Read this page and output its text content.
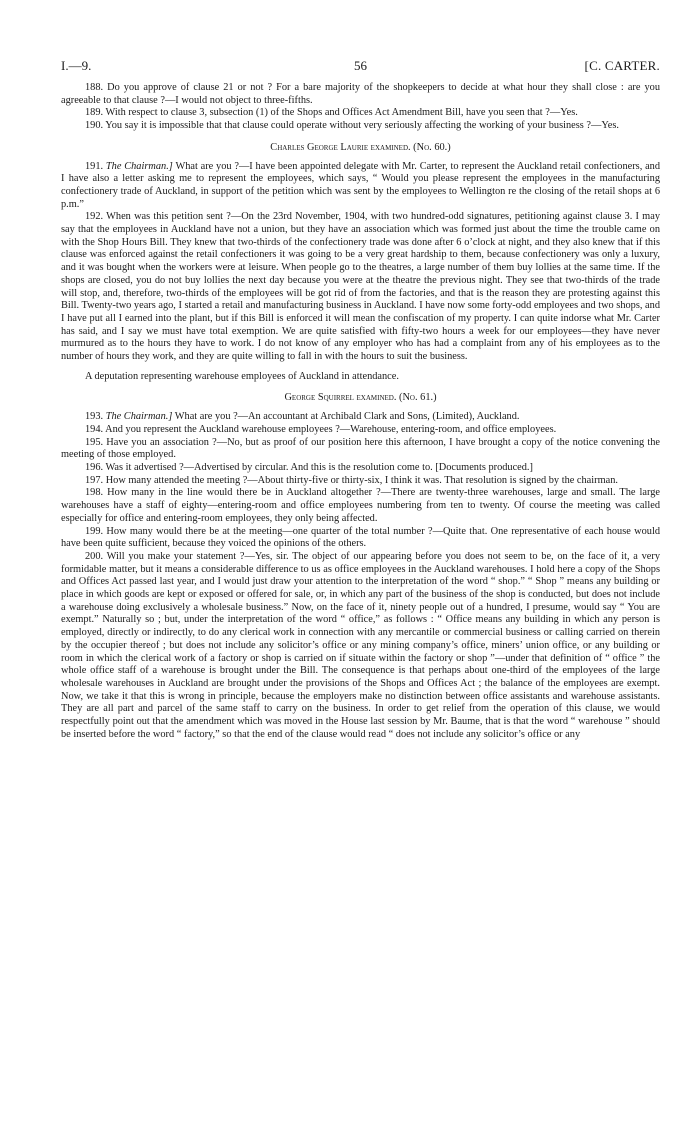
I.—9.	56	[C. CARTER.

188. Do you approve of clause 21 or not ? For a bare majority of the shopkeepers to decide at what hour they shall close : are you agreeable to that clause ?—I would not object to three-fifths.

189. With respect to clause 3, subsection (1) of the Shops and Offices Act Amendment Bill, have you seen that ?—Yes.

190. You say it is impossible that that clause could operate without very seriously affecting the working of your business ?—Yes.

Charles George Laurie examined. (No. 60.)

191. The Chairman.] What are you ?—I have been appointed delegate with Mr. Carter, to represent the Auckland retail confectioners, and I have also a letter asking me to represent the employees, which says, “ Would you please represent the employees in the manufacturing confectionery trade of Auckland, in support of the petition which was sent by the employees to Wellington re the closing of the retail shops at 6 p.m.”

192. When was this petition sent ?—On the 23rd November, 1904, with two hundred-odd signatures, petitioning against clause 3. I may say that the employees in Auckland have not a union, but they have an association which was formed just about the time the trouble came on with the Shop Hours Bill. They knew that two-thirds of the confectionery trade was done after 6 o’clock at night, and they also knew that if this clause was enforced against the retail confectioners it was going to be a very great hardship to them, because confectionery was only a luxury, and it was bought when the workers were at leisure. When people go to the theatres, a large number of them buy lollies at the same time. If the shops are closed, you do not buy lollies the next day because you were at the theatre the previous night. They see that two-thirds of the trade will stop, and, therefore, two-thirds of the employees will be got rid of from the factories, and that is the reason they are protesting against this Bill. Twenty-two years ago, I started a retail and manufacturing business in Auckland. I have now some forty-odd employees and two shops, and I have put all I earned into the plant, but if this Bill is enforced it will mean the confiscation of my property. I can quite indorse what Mr. Carter has said, and I say we must have total exemption. We are quite satisfied with fifty-two hours a week for our employees—they have never murmured as to the hours they have to work. I do not know of any employer who has had a complaint from any of his employees as to the number of hours they work, and they are quite willing to fall in with the hours to suit the business.

A deputation representing warehouse employees of Auckland in attendance.

George Squirrel examined. (No. 61.)

193. The Chairman.] What are you ?—An accountant at Archibald Clark and Sons, (Limited), Auckland.

194. And you represent the Auckland warehouse employees ?—Warehouse, entering-room, and office employees.

195. Have you an association ?—No, but as proof of our position here this afternoon, I have brought a copy of the notice convening the meeting of those employed.

196. Was it advertised ?—Advertised by circular. And this is the resolution come to. [Documents produced.]

197. How many attended the meeting ?—About thirty-five or thirty-six, I think it was. That resolution is signed by the chairman.

198. How many in the line would there be in Auckland altogether ?—There are twenty-three warehouses, large and small. The large warehouses have a staff of eighty—entering-room and office employees numbering from ten to twenty. Of course the meeting was called especially for office and entering-room employees, they only being affected.

199. How many would there be at the meeting—one quarter of the total number ?—Quite that. One representative of each house would have been quite sufficient, because they voiced the opinions of the others.

200. Will you make your statement ?—Yes, sir. The object of our appearing before you does not seem to be, on the face of it, a very formidable matter, but it means a considerable difference to us as office employees in the Auckland warehouses. I hold here a copy of the Shops and Offices Act passed last year, and I would just draw your attention to the interpretation of the word “ shop.” “ Shop ” means any building or place in which goods are kept or exposed or offered for sale, or, in which any part of the business of the shop is conducted, but does not include a warehouse doing exclusively a wholesale business.” Now, on the face of it, ninety people out of a hundred, I presume, would say “ You are exempt.” Naturally so ; but, under the interpretation of the word “ office,” as follows : “ Office means any building in which any person is employed, directly or indirectly, to do any clerical work in connection with any mercantile or commercial business or calling carried on therein by the occupier thereof ; but does not include any solicitor’s office or any mining company’s office, miners’ union office, or any building or room in which the clerical work of a factory or shop is carried on if situate within the factory or shop ”—under that definition of “ office ” the whole office staff of a warehouse is brought under the Bill. The consequence is that perhaps about one-third of the employees of the large wholesale warehouses in Auckland are brought under the provisions of the Shops and Offices Act ; the balance of the employees are exempt. Now, we take it that this is wrong in principle, because the employers make no distinction between office assistants and warehouse assistants. They are all part and parcel of the same staff to carry on the business. In order to get relief from the operation of this clause, we would respectfully point out that the amendment which was moved in the House last session by Mr. Baume, that is that the word “ warehouse ” should be inserted before the word “ factory,” so that the end of the clause would read “ does not include any solicitor’s office or any
